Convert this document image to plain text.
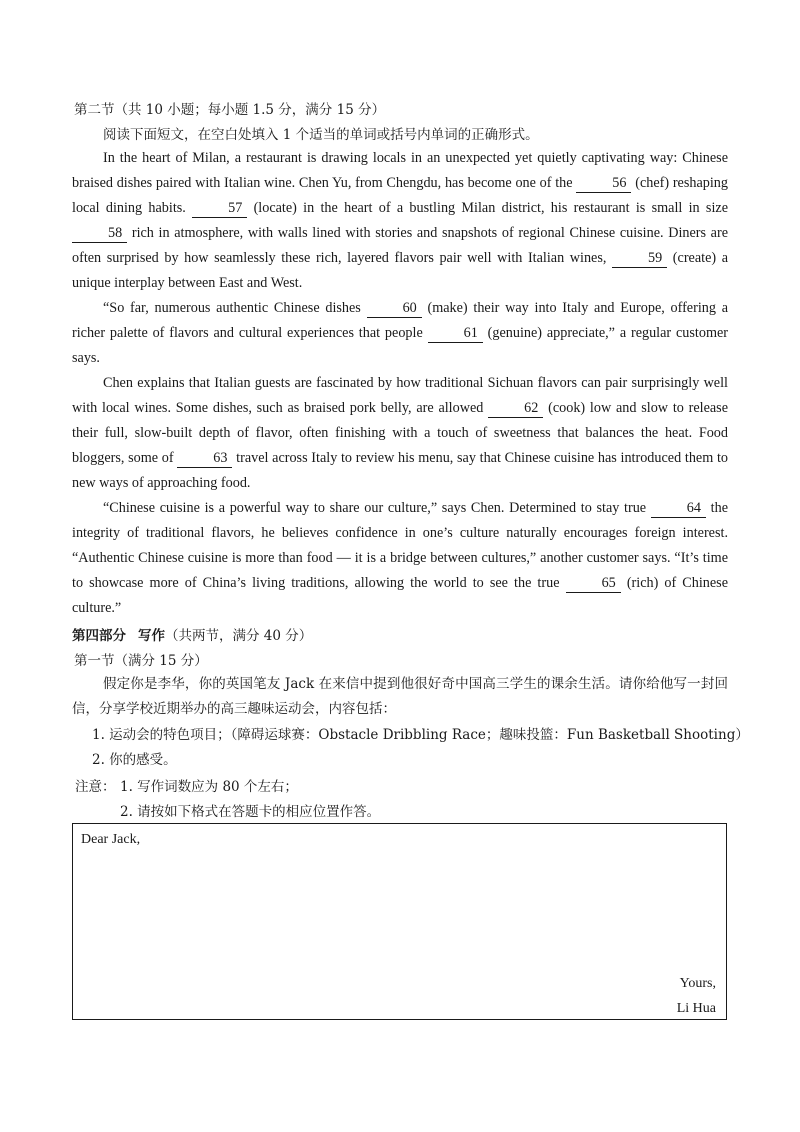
第二节（共 10 小题；每小题 1.5 分，满分 15 分）
阅读下面短文，在空白处填入 1 个适当的单词或括号内单词的正确形式。

In the heart of Milan, a restaurant is drawing locals in an unexpected yet quietly captivating way: Chinese braised dishes paired with Italian wine. Chen Yu, from Chengdu, has become one of the	56 (chef) reshaping local dining habits.	57 (locate) in the heart of a bustling Milan district, his restaurant is small in size 58 rich in atmosphere, with walls lined with stories and snapshots of regional Chinese cuisine. Diners are often surprised by how seamlessly these rich, layered flavors pair well with Italian wines,	59 (create) a unique interplay between East and West.

“So far, numerous authentic Chinese dishes	60 (make) their way into Italy and Europe, offering a richer palette of flavors and cultural experiences that people	61 (genuine) appreciate,” a regular customer says.

Chen explains that Italian guests are fascinated by how traditional Sichuan flavors can pair surprisingly well with local wines. Some dishes, such as braised pork belly, are allowed	62 (cook) low and slow to release their full, slow-built depth of flavor, often finishing with a touch of sweetness that balances the heat. Food bloggers, some of	63 travel across Italy to review his menu, say that Chinese cuisine has introduced them to new ways of approaching food.

“Chinese cuisine is a powerful way to share our culture,” says Chen. Determined to stay true	64 the integrity of traditional flavors, he believes confidence in one’s culture naturally encourages foreign interest. “Authentic Chinese cuisine is more than food — it is a bridge between cultures,” another customer says. “It’s time to showcase more of China’s living traditions, allowing the world to see the true	65 (rich) of Chinese culture.”

第四部分 写作（共两节，满分 40 分）
第一节（满分 15 分）
假定你是李华，你的英国笔友 Jack 在来信中提到他很好奇中国高三学生的课余生活。请你给他写一封回信，分享学校近期举办的高三趣味运动会，内容包括：
1. 运动会的特色项目；（障碍运球赛：Obstacle Dribbling Race；趣味投篮：Fun Basketball Shooting）
2. 你的感受。
注意： 1. 写作词数应为 80 个左右；
2. 请按如下格式在答题卡的相应位置作答。
Dear Jack,
Yours,
Li Hua
